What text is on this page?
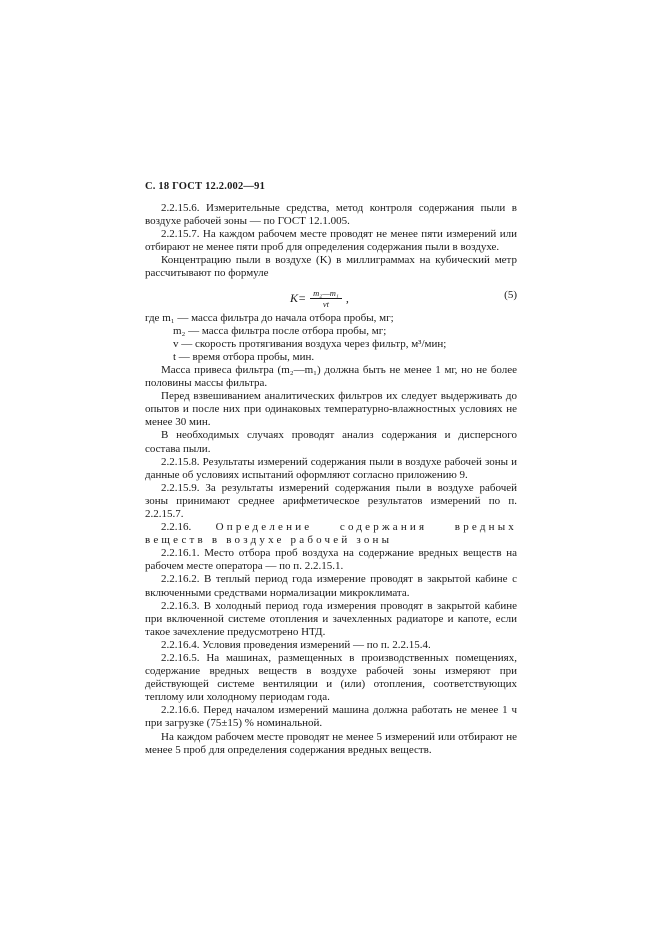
С. 18 ГОСТ 12.2.002—91

2.2.15.6. Измерительные средства, метод контроля содержания пыли в воздухе рабочей зоны — по ГОСТ 12.1.005.

2.2.15.7. На каждом рабочем месте проводят не менее пяти измерений или отбирают не менее пяти проб для определения содержания пыли в воздухе.

Концентрацию пыли в воздухе (K) в миллиграммах на кубический метр рассчитывают по формуле

$K= \frac{\text{m₂—m₁}}{vt}$ ,	(5)
где m₁ — масса фильтра до начала отбора пробы, мг;
m₂ — масса фильтра после отбора пробы, мг;
v — скорость протягивания воздуха через фильтр, м³/мин;
t — время отбора пробы, мин.

Масса привеса фильтра (m₂—m₁) должна быть не менее 1 мг, но не более половины массы фильтра.

Перед взвешиванием аналитических фильтров их следует выдерживать до опытов и после них при одинаковых температурно-влажностных условиях не менее 30 мин.

В необходимых случаях проводят анализ содержания и дисперсного состава пыли.

2.2.15.8. Результаты измерений содержания пыли в воздухе рабочей зоны и данные об условиях испытаний оформляют согласно приложению 9.

2.2.15.9. За результаты измерений содержания пыли в воздухе рабочей зоны принимают среднее арифметическое результатов измерений по п. 2.2.15.7.

2.2.16. Определение содержания вредных веществ в воздухе рабочей зоны

2.2.16.1. Место отбора проб воздуха на содержание вредных веществ на рабочем месте оператора — по п. 2.2.15.1.

2.2.16.2. В теплый период года измерение проводят в закрытой кабине с включенными средствами нормализации микроклимата.

2.2.16.3. В холодный период года измерения проводят в закрытой кабине при включенной системе отопления и зачехленных радиаторе и капоте, если такое зачехление предусмотрено НТД.

2.2.16.4. Условия проведения измерений — по п. 2.2.15.4.

2.2.16.5. На машинах, размещенных в производственных помещениях, содержание вредных веществ в воздухе рабочей зоны измеряют при действующей системе вентиляции и (или) отопления, соответствующих теплому или холодному периодам года.

2.2.16.6. Перед началом измерений машина должна работать не менее 1 ч при загрузке (75±15) % номинальной.

На каждом рабочем месте проводят не менее 5 измерений или отбирают не менее 5 проб для определения содержания вредных веществ.
